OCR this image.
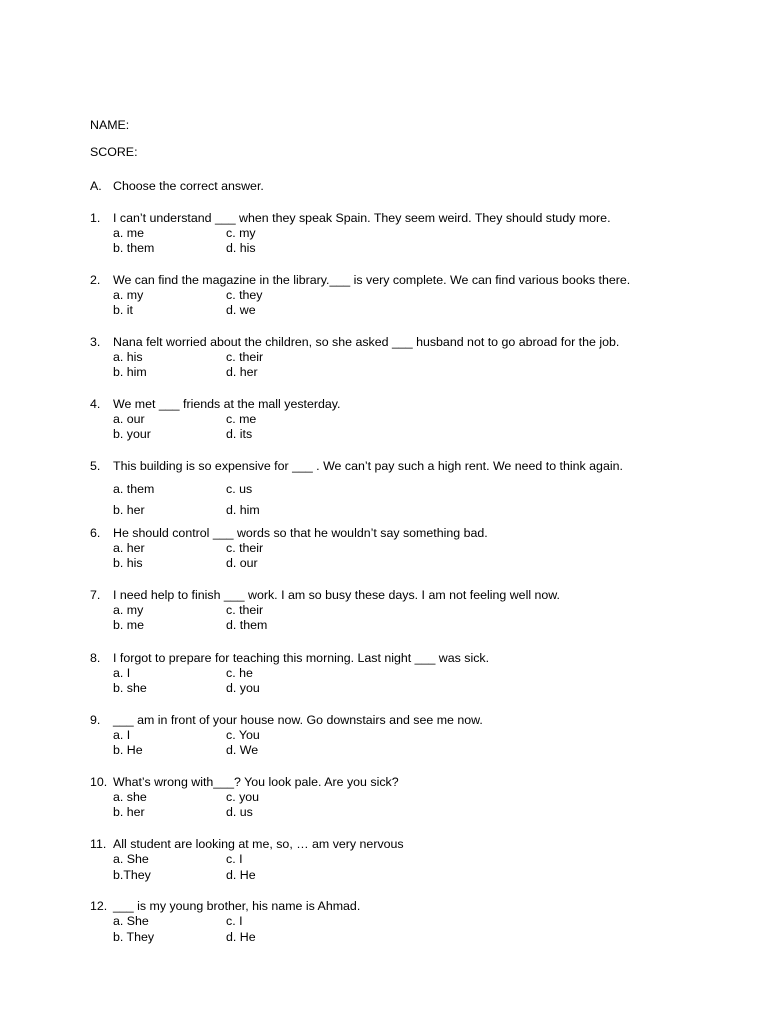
NAME:
SCORE:
A. Choose the correct answer.
1. I can’t understand ___ when they speak Spain. They seem weird. They should study more.
a. me	c. my
b. them	d. his
2. We can find the magazine in the library.___ is very complete. We can find various books there.
a. my	c. they
b. it	d. we
3. Nana felt worried about the children, so she asked ___ husband not to go abroad for the job.
a. his	c. their
b. him	d. her
4. We met ___ friends at the mall yesterday.
a. our	c. me
b. your	d. its
5. This building is so expensive for ___ . We can’t pay such a high rent. We need to think again.
a. them	c. us
b. her	d. him
6. He should control ___ words so that he wouldn’t say something bad.
a. her	c. their
b. his	d. our
7. I need help to finish ___ work. I am so busy these days. I am not feeling well now.
a. my	c. their
b. me	d. them
8. I forgot to prepare for teaching this morning. Last night ___ was sick.
a. I	c. he
b. she	d. you
9. ___ am in front of your house now. Go downstairs and see me now.
a. I	c. You
b. He	d. We
10. What’s wrong with___? You look pale. Are you sick?
a. she	c. you
b. her	d. us
11. All student are looking at me, so, … am very nervous
a. She	c. I
b.They	d. He
12. ___ is my young brother, his name is Ahmad.
a. She	c. I
b. They	d. He
